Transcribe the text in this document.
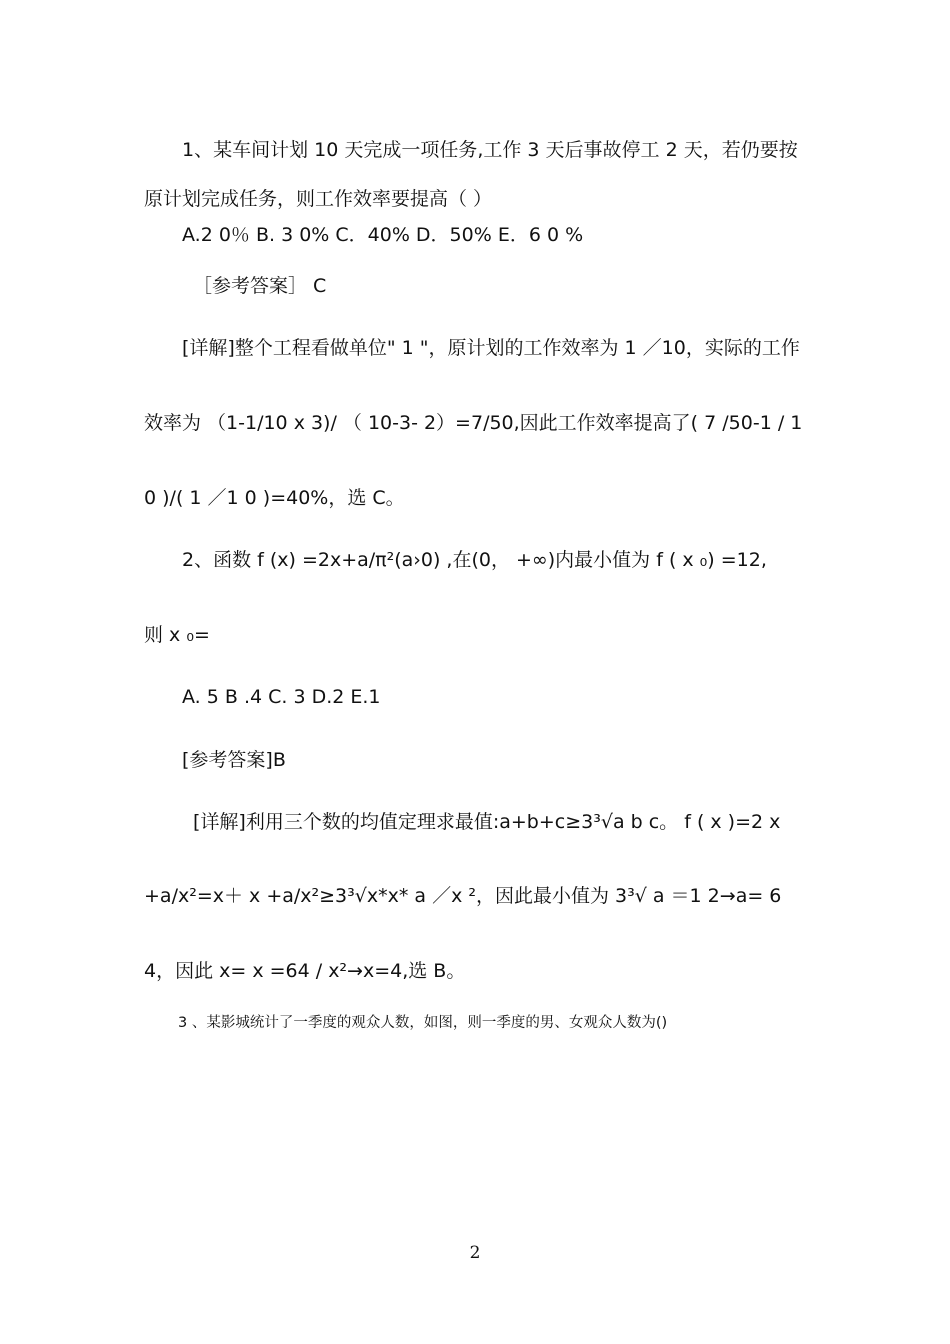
1、某车间计划 10 天完成一项任务,工作 3 天后事故停工 2 天，若仍要按
原计划完成任务，则工作效率要提高（ ）
A.2 0％ B. 3 0% C．40% D．50% E．6 0 %
［参考答案］ C
[详解]整个工程看做单位" 1 "，原计划的工作效率为 1 ／10，实际的工作
效率为 （1-1/10 x 3)/ （ 10-3- 2）=7/50,因此工作效率提高了( 7 /50-1 / 1
0 )/( 1 ／1 0 )=40%，选 C。
2、函数 f (x) =2x+a/π²(a›0) ,在(0， +∞)内最小值为 f ( x ₀) =12,
则 x ₀=
A. 5 B .4 C. 3 D.2 E.1
[参考答案]B
[详解]利用三个数的均值定理求最值:a+b+c≥3³√a b c。 f ( x )=2 x
+a/x²=x＋ x +a/x²≥3³√x*x* a ／x ²，因此最小值为 3³√ a ＝1 2→a= 6
4，因此 x= x =64 / x²→x=4,选 B。
3 、某影城统计了一季度的观众人数，如图，则一季度的男、女观众人数为()
2
